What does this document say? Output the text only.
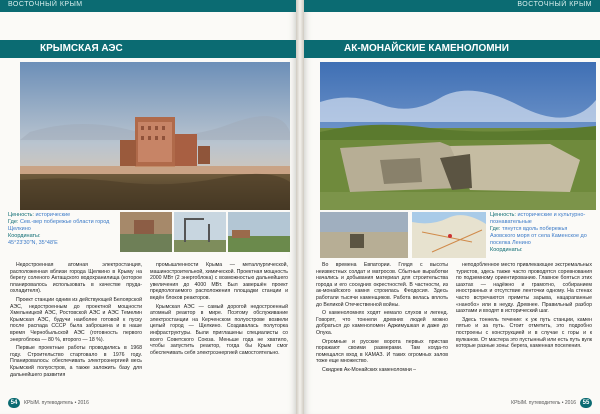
ВОСТОЧНЫЙ КРЫМ
КРЫМСКАЯ АЭС
Ценность: исторические
Где: Сев.-вер побережье области город Щелкино
Координаты:
45°23'30"N, 35°48'E

Недостроенная атомная электростанция, расположенная вблизи города Щелкино в Крыму на берегу соленого Актащского водохранилища (которое планировалось использовать в качестве пруда-охладителя).

Проект станции одним из действующей Белоярской АЭС, недостроенным до проектной мощности Хмельницкой АЭС, Ростовской АЭС и АЭС Темелин Крымская АЭС, будучи наиболее готовой к пуску после распада СССР была заброшена и в наше время Чернобыльской АЭС (готовность первого энергоблока — 80 %, второго — 18 %).

Первые проектные работы проводились в 1968 году. Строительство стартовало в 1976 году. Планировалось: обеспечивать электроэнергией весь Крымский полуостров, а также заложить базу для дальнейшего развития

промышленности Крыма — металлургической, машиностроительной, химической. Проектная мощность 2000 МВт (2 энергоблока) с возможностью дальнейшего увеличения до 4000 МВт. Был завершён проект предпологаемого расположения площадки станции и ведён блоков реакторов.

Крымская АЭС — самый дорогой недостроенный атомный реактор в мире. Поэтому обслуживание электростанции на Керченском полуострове возвели целый город — Щелкино. Создавалась полуторка инфраструктуры. Были приглашены специалисты со всего Советского Союза. Меньше года не хватило, чтобы запустить реактор, тогда бы Крым смог обеспечивать себя электроэнергией самостоятельно.

54	КРЫМ. путеводитель • 2016
ВОСТОЧНЫЙ КРЫМ
АК-МОНАЙСКИЕ КАМЕНОЛОМНИ
Ценность: исторические и культурно-познавательные
Где: тянутся вдоль побережья Азовского моря от села Каменское до поселка Ленино
Координаты:

Во времена Евпатории. Глядя с высоты неизвестных солдат и матросов. Сбытные выработки начались и добывания материал для строительства города и его соседних окрестностей. В частности, из ак-монайского камня строилась Феодосия. Здесь работали тысячи каменщиков. Работа велась вплоть до Великой Отечественной войны.

О каменоломнях ходят немало слухов и легенд. Говорят, что тоннели древних людей можно добраться до каменоломен Аджимушкая и даже до Опука.

Огромные и русские ворота первых пристав поражают своими размерами. Там когда-то помещался вход в КАМАЗ. И таких огромных залов тоже еще множество.

Скидрев Ак-Монайских каменоломни –

неподобленное место привлекающее экстремальных туристов, здесь также часто проводятся соревнования по подземному ориентированию. Главное бояться этих шахтах — надёжно и грамотно, собиранием иностранных и отсутствие ленточки одному. На стенах часто встречаются приметы зарыва, нацарапанные «нанобо» или в неуду. Древнее. Правильный разбор шахтами и входят в исторический шаг.

Здесь тоннель течение: к уж путь станции, камен пятью и за путь. Стоит отметить, это подробно построены с конструкцией и в случае с горы и к вулканов. От мастера это пустынный или есть путь вулк которые разные зоны: берега, каменная поселения.

КРЫМ. путеводитель • 2016	55
